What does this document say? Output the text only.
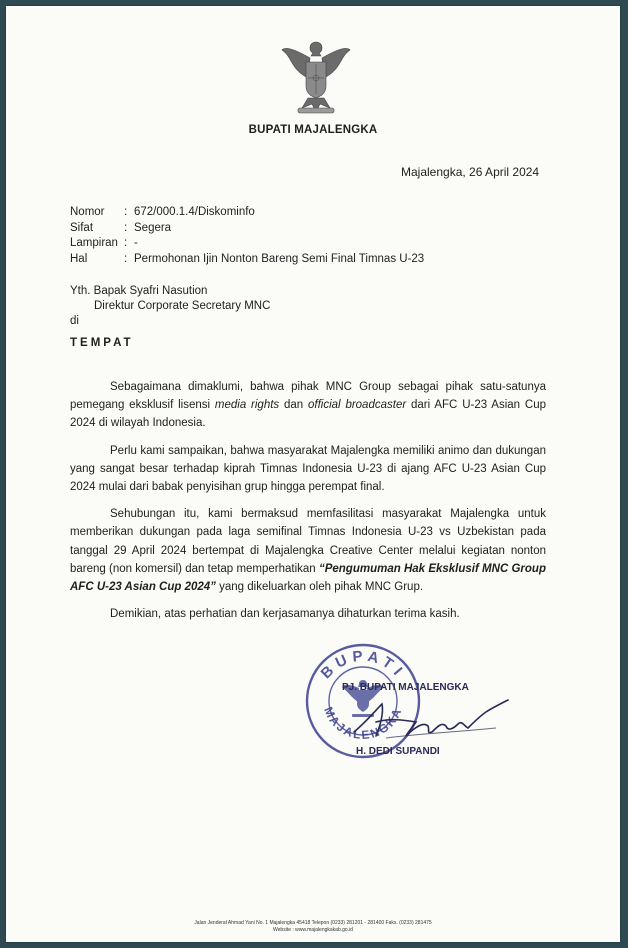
BUPATI MAJALENGKA
Majalengka, 26 April 2024
Nomor	: 672/000.1.4/Diskominfo
Sifat	: Segera
Lampiran : -
Hal	: Permohonan Ijin Nonton Bareng Semi Final Timnas U-23
Yth. Bapak Syafri Nasution
Direktur Corporate Secretary MNC
di
TEMPAT

Sebagaimana dimaklumi, bahwa pihak MNC Group sebagai pihak satu-satunya pemegang eksklusif lisensi media rights dan official broadcaster dari AFC U-23 Asian Cup 2024 di wilayah Indonesia.

Perlu kami sampaikan, bahwa masyarakat Majalengka memiliki animo dan dukungan yang sangat besar terhadap kiprah Timnas Indonesia U-23 di ajang AFC U-23 Asian Cup 2024 mulai dari babak penyisihan grup hingga perempat final.

Sehubungan itu, kami bermaksud memfasilitasi masyarakat Majalengka untuk memberikan dukungan pada laga semifinal Timnas Indonesia U-23 vs Uzbekistan pada tanggal 29 April 2024 bertempat di Majalengka Creative Center melalui kegiatan nonton bareng (non komersil) dan tetap memperhatikan “Pengumuman Hak Eksklusif MNC Group AFC U-23 Asian Cup 2024” yang dikeluarkan oleh pihak MNC Grup.

Demikian, atas perhatian dan kerjasamanya dihaturkan terima kasih.

BUPATI
MAJALENGKA
PJ. BUPATI MAJALENGKA
H. DEDI SUPANDI
Jalan Jenderal Ahmad Yani No. 1 Majalengka 45418 Telepon (0233) 281201 - 281400 Faks. (0233) 281475
Website : www.majalengkakab.go.id
